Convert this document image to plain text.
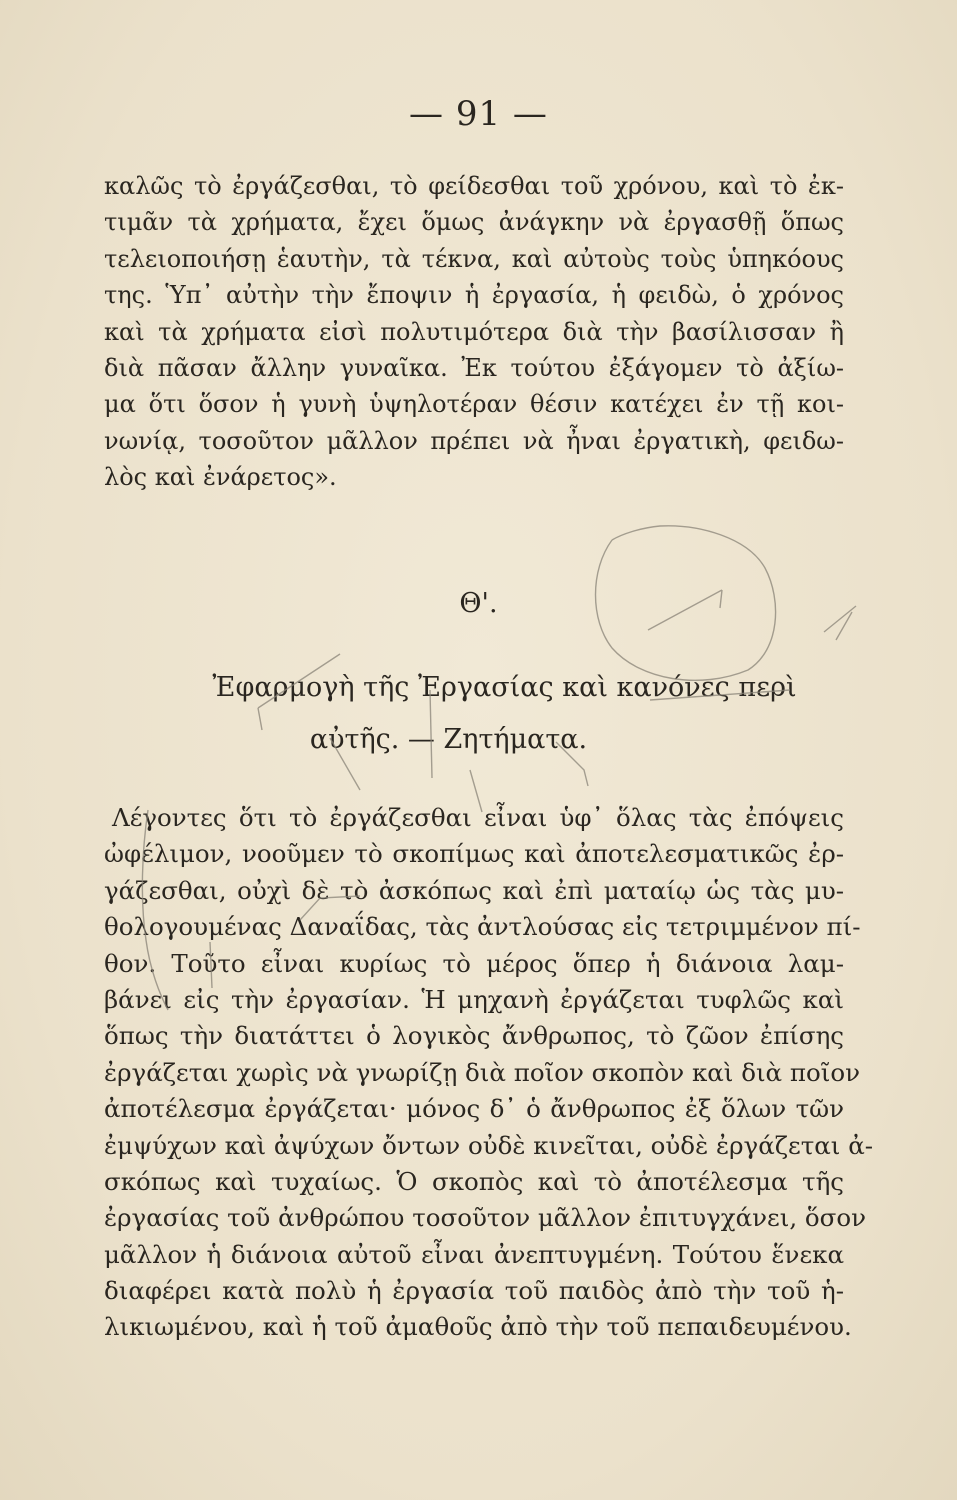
— 91 —
καλῶς τὸ ἐργάζεσθαι, τὸ φείδεσθαι τοῦ χρόνου, καὶ τὸ ἐκ-
τιμᾶν τὰ χρήματα, ἔχει ὅμως ἀνάγκην νὰ ἐργασθῇ ὅπως
τελειοποιήσῃ ἑαυτὴν, τὰ τέκνα, καὶ αὐτοὺς τοὺς ὑπηκόους
της. Ὑπ᾽ αὐτὴν τὴν ἔποψιν ἡ ἐργασία, ἡ φειδὼ, ὁ χρόνος
καὶ τὰ χρήματα εἰσὶ πολυτιμότερα διὰ τὴν βασίλισσαν ἢ
διὰ πᾶσαν ἄλλην γυναῖκα. Ἐκ τούτου ἐξάγομεν τὸ ἀξίω-
μα ὅτι ὅσον ἡ γυνὴ ὑψηλοτέραν θέσιν κατέχει ἐν τῇ κοι-
νωνίᾳ, τοσοῦτον μᾶλλον πρέπει νὰ ἦναι ἐργατικὴ, φειδω-
λὸς καὶ ἐνάρετος».
Θ'.
Ἐφαρμογὴ τῆς Ἐργασίας καὶ κανόνες περὶ
αὐτῆς. — Ζητήματα.
Λέγοντες ὅτι τὸ ἐργάζεσθαι εἶναι ὑφ᾽ ὅλας τὰς ἐπόψεις
ὠφέλιμον, νοοῦμεν τὸ σκοπίμως καὶ ἀποτελεσματικῶς ἐρ-
γάζεσθαι, οὐχὶ δὲ τὸ ἀσκόπως καὶ ἐπὶ ματαίῳ ὡς τὰς μυ-
θολογουμένας Δαναΐδας, τὰς ἀντλούσας εἰς τετριμμένον πί-
θον. Τοῦτο εἶναι κυρίως τὸ μέρος ὅπερ ἡ διάνοια λαμ-
βάνει εἰς τὴν ἐργασίαν. Ἡ μηχανὴ ἐργάζεται τυφλῶς καὶ
ὅπως τὴν διατάττει ὁ λογικὸς ἄνθρωπος, τὸ ζῶον ἐπίσης
ἐργάζεται χωρὶς νὰ γνωρίζῃ διὰ ποῖον σκοπὸν καὶ διὰ ποῖον
ἀποτέλεσμα ἐργάζεται· μόνος δ᾽ ὁ ἄνθρωπος ἐξ ὅλων τῶν
ἐμψύχων καὶ ἀψύχων ὄντων οὐδὲ κινεῖται, οὐδὲ ἐργάζεται ἀ-
σκόπως καὶ τυχαίως. Ὁ σκοπὸς καὶ τὸ ἀποτέλεσμα τῆς
ἐργασίας τοῦ ἀνθρώπου τοσοῦτον μᾶλλον ἐπιτυγχάνει, ὅσον
μᾶλλον ἡ διάνοια αὐτοῦ εἶναι ἀνεπτυγμένη. Τούτου ἕνεκα
διαφέρει κατὰ πολὺ ἡ ἐργασία τοῦ παιδὸς ἀπὸ τὴν τοῦ ἡ-
λικιωμένου, καὶ ἡ τοῦ ἀμαθοῦς ἀπὸ τὴν τοῦ πεπαιδευμένου.
